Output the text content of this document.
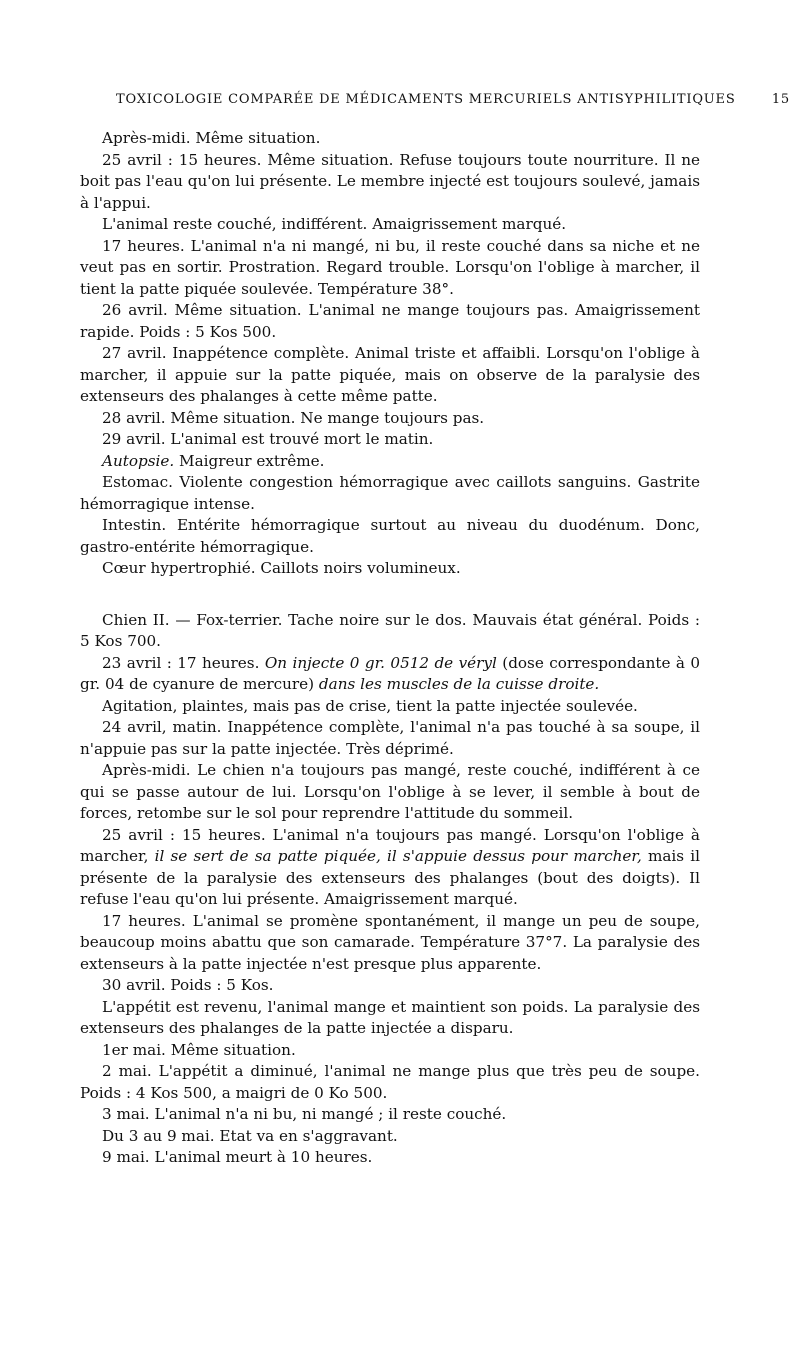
TOXICOLOGIE COMPARÉE DE MÉDICAMENTS MERCURIELS ANTISYPHILITIQUES	15

Après-midi. Même situation.

25 avril : 15 heures. Même situation. Refuse toujours toute nourriture. Il ne boit pas l'eau qu'on lui présente. Le membre injecté est toujours soulevé, jamais à l'appui.

L'animal reste couché, indifférent. Amaigrissement marqué.

17 heures. L'animal n'a ni mangé, ni bu, il reste couché dans sa niche et ne veut pas en sortir. Prostration. Regard trouble. Lorsqu'on l'oblige à marcher, il tient la patte piquée soulevée. Température 38°.

26 avril. Même situation. L'animal ne mange toujours pas. Amaigrissement rapide. Poids : 5 Kos 500.

27 avril. Inappétence complète. Animal triste et affaibli. Lorsqu'on l'oblige à marcher, il appuie sur la patte piquée, mais on observe de la paralysie des extenseurs des phalanges à cette même patte.

28 avril. Même situation. Ne mange toujours pas.

29 avril. L'animal est trouvé mort le matin.

Autopsie. Maigreur extrême.

Estomac. Violente congestion hémorragique avec caillots sanguins. Gastrite hémorragique intense.

Intestin. Entérite hémorragique surtout au niveau du duodénum. Donc, gastro-entérite hémorragique.

Cœur hypertrophié. Caillots noirs volumineux.

Chien II. — Fox-terrier. Tache noire sur le dos. Mauvais état général. Poids : 5 Kos 700.

23 avril : 17 heures. On injecte 0 gr. 0512 de véryl (dose correspondante à 0 gr. 04 de cyanure de mercure) dans les muscles de la cuisse droite.

Agitation, plaintes, mais pas de crise, tient la patte injectée soulevée.

24 avril, matin. Inappétence complète, l'animal n'a pas touché à sa soupe, il n'appuie pas sur la patte injectée. Très déprimé.

Après-midi. Le chien n'a toujours pas mangé, reste couché, indifférent à ce qui se passe autour de lui. Lorsqu'on l'oblige à se lever, il semble à bout de forces, retombe sur le sol pour reprendre l'attitude du sommeil.

25 avril : 15 heures. L'animal n'a toujours pas mangé. Lorsqu'on l'oblige à marcher, il se sert de sa patte piquée, il s'appuie dessus pour marcher, mais il présente de la paralysie des extenseurs des phalanges (bout des doigts). Il refuse l'eau qu'on lui présente. Amaigrissement marqué.

17 heures. L'animal se promène spontanément, il mange un peu de soupe, beaucoup moins abattu que son camarade. Température 37°7. La paralysie des extenseurs à la patte injectée n'est presque plus apparente.

30 avril. Poids : 5 Kos.

L'appétit est revenu, l'animal mange et maintient son poids. La paralysie des extenseurs des phalanges de la patte injectée a disparu.

1er mai. Même situation.

2 mai. L'appétit a diminué, l'animal ne mange plus que très peu de soupe. Poids : 4 Kos 500, a maigri de 0 Ko 500.

3 mai. L'animal n'a ni bu, ni mangé ; il reste couché.

Du 3 au 9 mai. Etat va en s'aggravant.

9 mai. L'animal meurt à 10 heures.
